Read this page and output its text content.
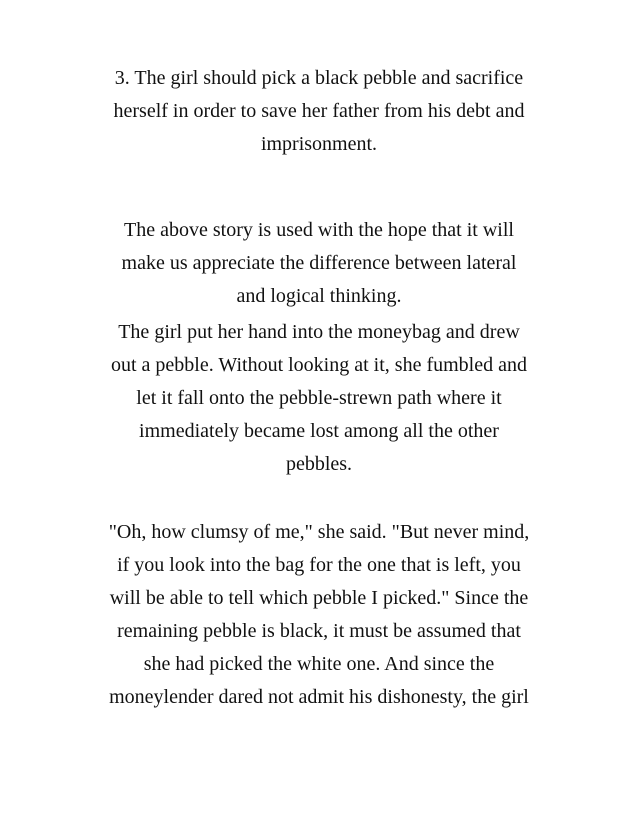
3. The girl should pick a black pebble and sacrifice
herself in order to save her father from his debt and
imprisonment.

The above story is used with the hope that it will
make us appreciate the difference between lateral
and logical thinking.

The girl put her hand into the moneybag and drew
out a pebble. Without looking at it, she fumbled and
let it fall onto the pebble-strewn path where it
immediately became lost among all the other
pebbles.

"Oh, how clumsy of me," she said. "But never mind,
if you look into the bag for the one that is left, you
will be able to tell which pebble I picked." Since the
remaining pebble is black, it must be assumed that
she had picked the white one. And since the
moneylender dared not admit his dishonesty, the girl
